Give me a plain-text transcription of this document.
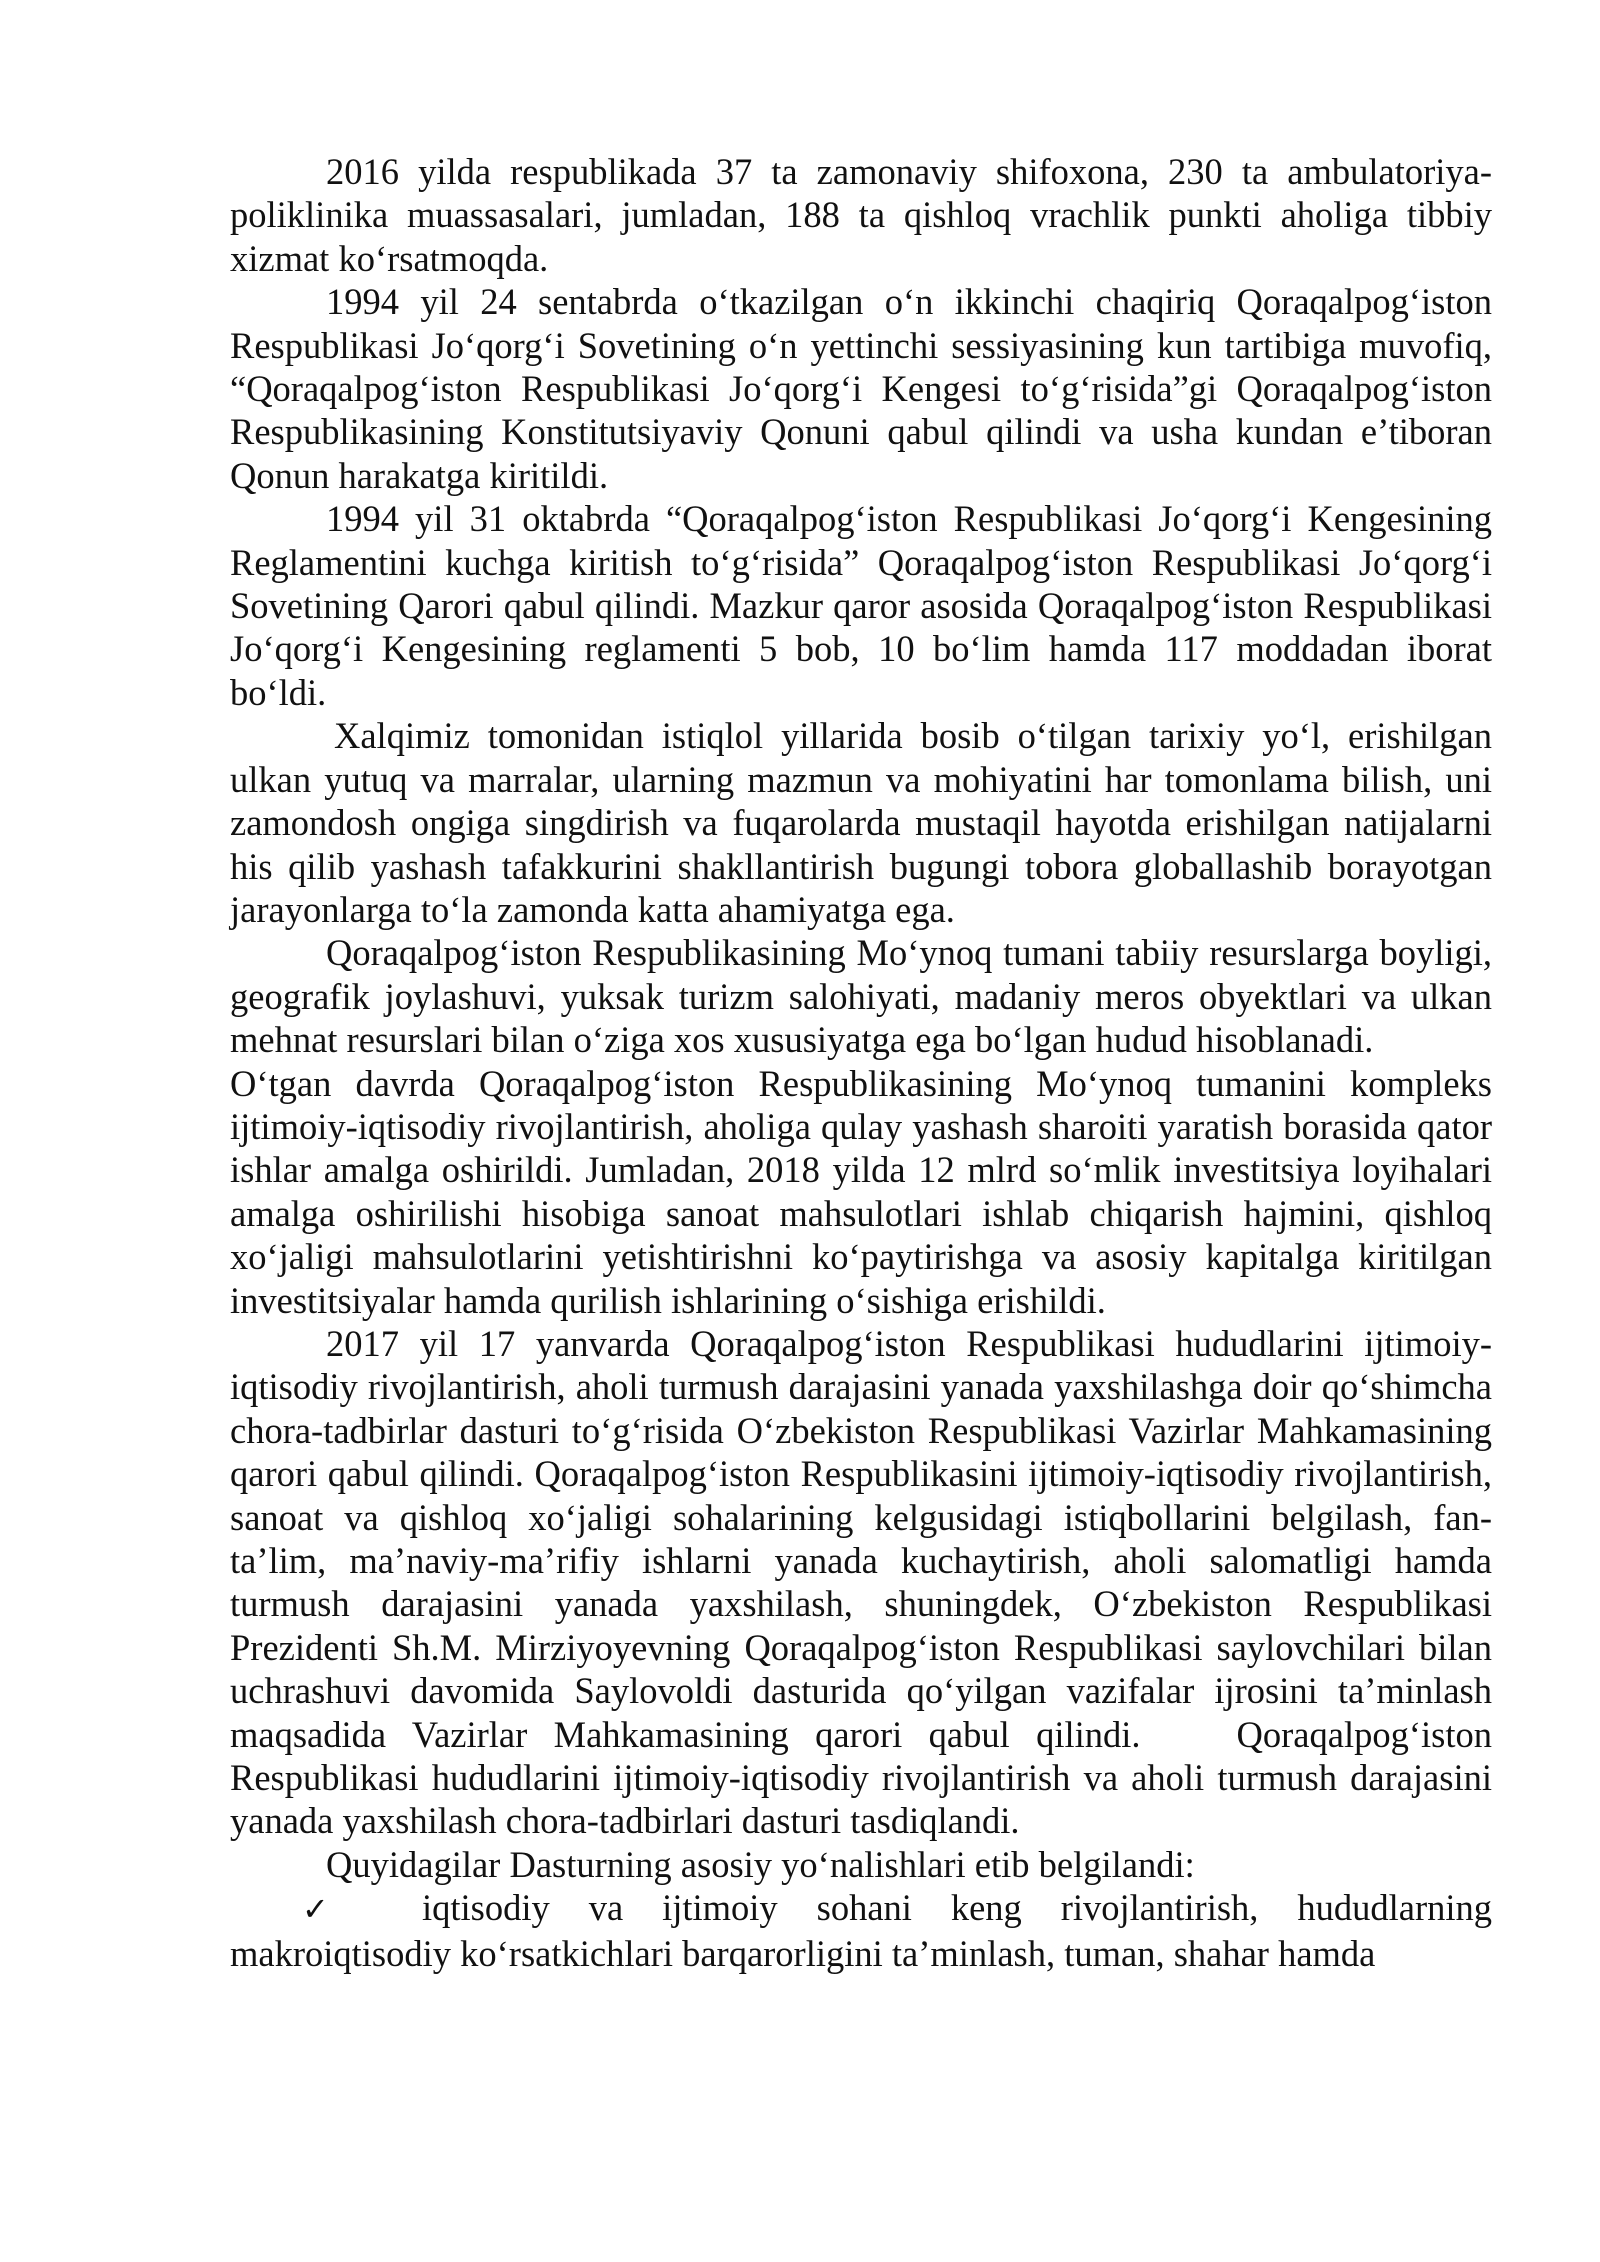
2016 yilda respublikada 37 ta zamonaviy shifoxona, 230 ta ambulatoriya-poliklinika muassasalari, jumladan, 188 ta qishloq vrachlik punkti aholiga tibbiy xizmat ko‘rsatmoqda.

1994 yil 24 sentabrda o‘tkazilgan o‘n ikkinchi chaqiriq Qoraqalpog‘iston Respublikasi Jo‘qorg‘i Sovetining o‘n yettinchi sessiyasining kun tartibiga muvofiq, “Qoraqalpog‘iston Respublikasi Jo‘qorg‘i Kengesi to‘g‘risida”gi Qoraqalpog‘iston Respublikasining Konstitutsiyaviy Qonuni qabul qilindi va usha kundan e’tiboran Qonun harakatga kiritildi.

1994 yil 31 oktabrda “Qoraqalpog‘iston Respublikasi Jo‘qorg‘i Kengesining Reglamentini kuchga kiritish to‘g‘risida” Qoraqalpog‘iston Respublikasi Jo‘qorg‘i Sovetining Qarori qabul qilindi. Mazkur qaror asosida Qoraqalpog‘iston Respublikasi Jo‘qorg‘i Kengesining reglamenti 5 bob, 10 bo‘lim hamda 117 moddadan iborat bo‘ldi.

Xalqimiz tomonidan istiqlol yillarida bosib o‘tilgan tarixiy yo‘l, erishilgan ulkan yutuq va marralar, ularning mazmun va mohiyatini har tomonlama bilish, uni zamondosh ongiga singdirish va fuqarolarda mustaqil hayotda erishilgan natijalarni his qilib yashash tafakkurini shakllantirish bugungi tobora globallashib borayotgan jarayonlarga to‘la zamonda katta ahamiyatga ega.

Qoraqalpog‘iston Respublikasining Mo‘ynoq tumani tabiiy resurslarga boyligi, geografik joylashuvi, yuksak turizm salohiyati, madaniy meros obyektlari va ulkan mehnat resurslari bilan o‘ziga xos xususiyatga ega bo‘lgan hudud hisoblanadi.

O‘tgan davrda Qoraqalpog‘iston Respublikasining Mo‘ynoq tumanini kompleks ijtimoiy-iqtisodiy rivojlantirish, aholiga qulay yashash sharoiti yaratish borasida qator ishlar amalga oshirildi. Jumladan, 2018 yilda 12 mlrd so‘mlik investitsiya loyihalari amalga oshirilishi hisobiga sanoat mahsulotlari ishlab chiqarish hajmini, qishloq xo‘jaligi mahsulotlarini yetishtirishni ko‘paytirishga va asosiy kapitalga kiritilgan investitsiyalar hamda qurilish ishlarining o‘sishiga erishildi.

2017 yil 17 yanvarda Qoraqalpog‘iston Respublikasi hududlarini ijtimoiy-iqtisodiy rivojlantirish, aholi turmush darajasini yanada yaxshilashga doir qo‘shimcha chora-tadbirlar dasturi to‘g‘risida O‘zbekiston Respublikasi Vazirlar Mahkamasining qarori qabul qilindi. Qoraqalpog‘iston Respublikasini ijtimoiy-iqtisodiy rivojlantirish, sanoat va qishloq xo‘jaligi sohalarining kelgusidagi istiqbollarini belgilash, fan-ta’lim, ma’naviy-ma’rifiy ishlarni yanada kuchaytirish, aholi salomatligi hamda turmush darajasini yanada yaxshilash, shuningdek, O‘zbekiston Respublikasi Prezidenti Sh.M. Mirziyoyevning Qoraqalpog‘iston Respublikasi saylovchilari bilan uchrashuvi davomida Saylovoldi dasturida qo‘yilgan vazifalar ijrosini ta’minlash maqsadida Vazirlar Mahkamasining qarori qabul qilindi.	Qoraqalpog‘iston Respublikasi hududlarini ijtimoiy-iqtisodiy rivojlantirish va aholi turmush darajasini yanada yaxshilash chora-tadbirlari dasturi tasdiqlandi.

Quyidagilar Dasturning asosiy yo‘nalishlari etib belgilandi:

✓	iqtisodiy va ijtimoiy sohani keng rivojlantirish, hududlarning makroiqtisodiy ko‘rsatkichlari barqarorligini ta’minlash, tuman, shahar hamda
